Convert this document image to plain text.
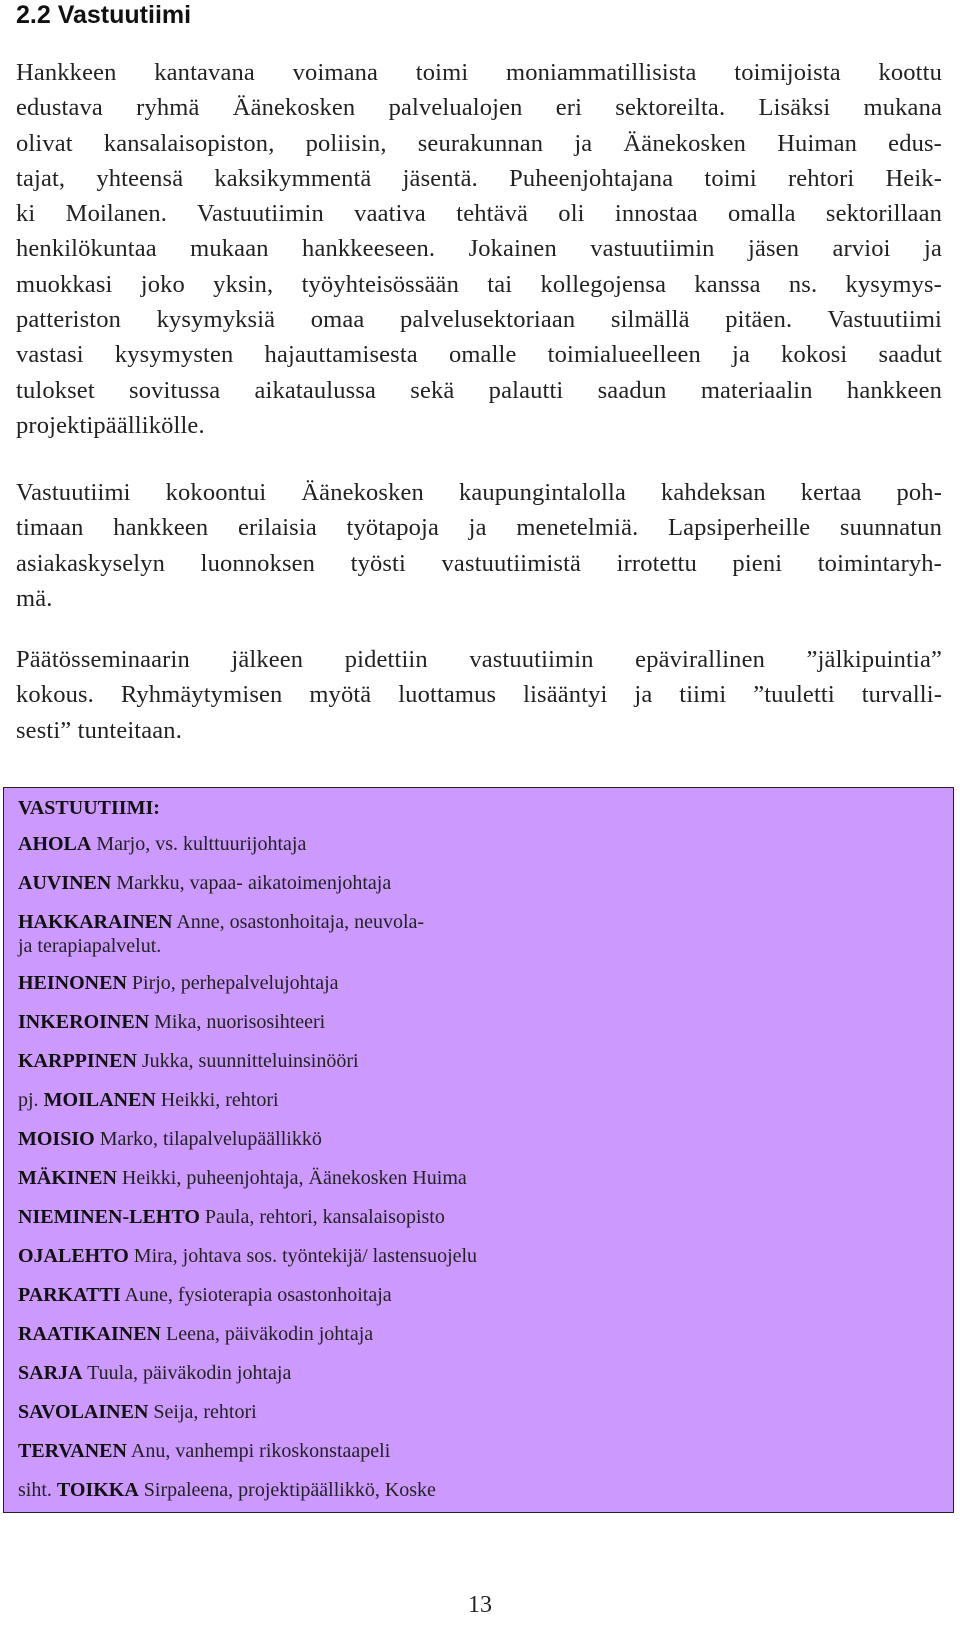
2.2 Vastuutiimi
Hankkeen kantavana voimana toimi moniammatillisista toimijoista koottu
edustava ryhmä Äänekosken palvelualojen eri sektoreilta. Lisäksi mukana
olivat kansalaisopiston, poliisin, seurakunnan ja Äänekosken Huiman edus-
tajat, yhteensä kaksikymmentä jäsentä. Puheenjohtajana toimi rehtori Heik-
ki Moilanen. Vastuutiimin vaativa tehtävä oli innostaa omalla sektorillaan
henkilökuntaa mukaan hankkeeseen. Jokainen vastuutiimin jäsen arvioi ja
muokkasi joko yksin, työyhteisössään tai kollegojensa kanssa ns. kysymys-
patteriston kysymyksiä omaa palvelusektoriaan silmällä pitäen. Vastuutiimi
vastasi kysymysten hajauttamisesta omalle toimialueelleen ja kokosi saadut
tulokset sovitussa aikataulussa sekä palautti saadun materiaalin hankkeen
projektipäällikölle.
Vastuutiimi kokoontui Äänekosken kaupungintalolla kahdeksan kertaa poh-
timaan hankkeen erilaisia työtapoja ja menetelmiä. Lapsiperheille suunnatun
asiakaskyselyn luonnoksen työsti vastuutiimistä irrotettu pieni toimintaryh-
mä.
Päätösseminaarin jälkeen pidettiin vastuutiimin epävirallinen ”jälkipuintia”
kokous. Ryhmäytymisen myötä luottamus lisääntyi ja tiimi ”tuuletti turvalli-
sesti” tunteitaan.

VASTUUTIIMI:

AHOLA Marjo, vs. kulttuurijohtaja
AUVINEN Markku, vapaa- aikatoimenjohtaja
HAKKARAINEN Anne, osastonhoitaja, neuvola-
ja terapiapalvelut.
HEINONEN Pirjo, perhepalvelujohtaja
INKEROINEN Mika, nuorisosihteeri
KARPPINEN Jukka, suunnitteluinsinööri
pj. MOILANEN Heikki, rehtori
MOISIO Marko, tilapalvelupäällikkö
MÄKINEN Heikki, puheenjohtaja, Äänekosken Huima
NIEMINEN-LEHTO Paula, rehtori, kansalaisopisto
OJALEHTO Mira, johtava sos. työntekijä/ lastensuojelu
PARKATTI Aune, fysioterapia osastonhoitaja
RAATIKAINEN Leena, päiväkodin johtaja
SARJA Tuula, päiväkodin johtaja
SAVOLAINEN Seija, rehtori
TERVANEN Anu, vanhempi rikoskonstaapeli
siht. TOIKKA Sirpaleena, projektipäällikkö, Koske
13
